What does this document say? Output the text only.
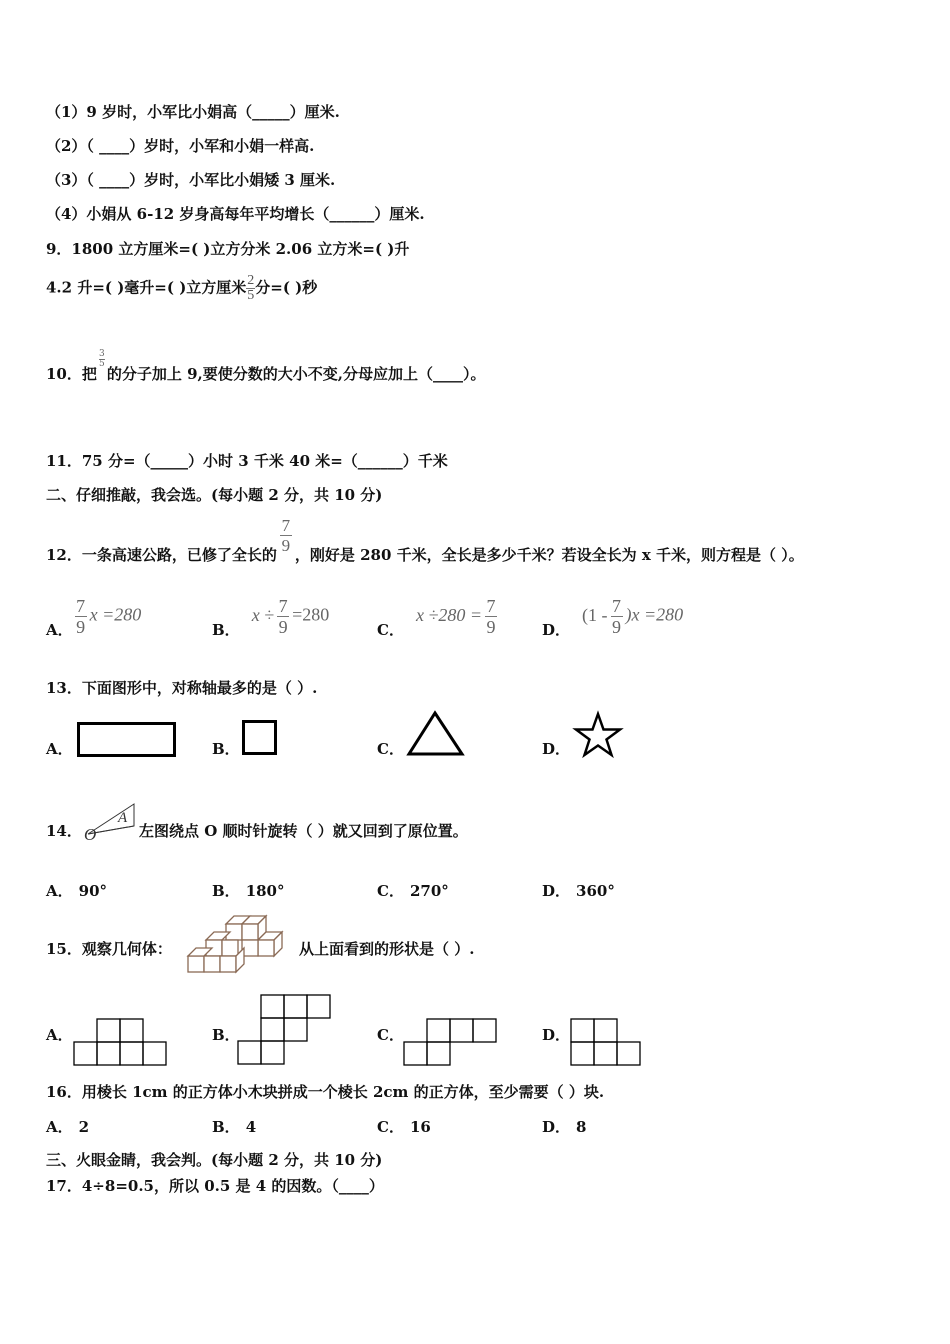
（1）9 岁时，小军比小娟高（_____）厘米.
（2）（ ____）岁时，小军和小娟一样高.
（3）（ ____）岁时，小军比小娟矮 3 厘米.
（4）小娟从 6-12 岁身高每年平均增长（______）厘米.
9．1800 立方厘米=( )立方分米 2.06 立方米=( )升
4.2 升=( )毫升=( )立方厘米 $\frac{2}{5}$ 分=( )秒
10．把
$\frac{3}{5}$
的分子加上 9,要使分数的大小不变,分母应加上（____）。
11．75 分=（_____）小时 3 千米 40 米=（______）千米
二、仔细推敲，我会选。(每小题 2 分，共 10 分)
12．一条高速公路，已修了全长的 $\frac{7}{9}$ ，刚好是 280 千米，全长是多少千米？若设全长为 x 千米，则方程是（ ）。
A． $\frac{7}{9}$ x =280
B．$x \div \frac{7}{9} =280$
C．$x \div 280 = \frac{7}{9}$	D．$(1 - \frac{7}{9} )x =280$
13．下面图形中，对称轴最多的是（ ）.
A．	B．	C．	D．
14． O
A
左图绕点 O 顺时针旋转（ ）就又回到了原位置。
A． 90°	B． 180°	C． 270°	D． 360°
15．观察几何体：	从上面看到的形状是（ ）.
A．	B．	C．	D．
16．用棱长 1cm 的正方体小木块拼成一个棱长 2cm 的正方体，至少需要（ ）块.
A． 2	B． 4	C． 16	D． 8
三、火眼金睛，我会判。(每小题 2 分，共 10 分)
17．4÷8=0.5，所以 0.5 是 4 的因数。（____）
